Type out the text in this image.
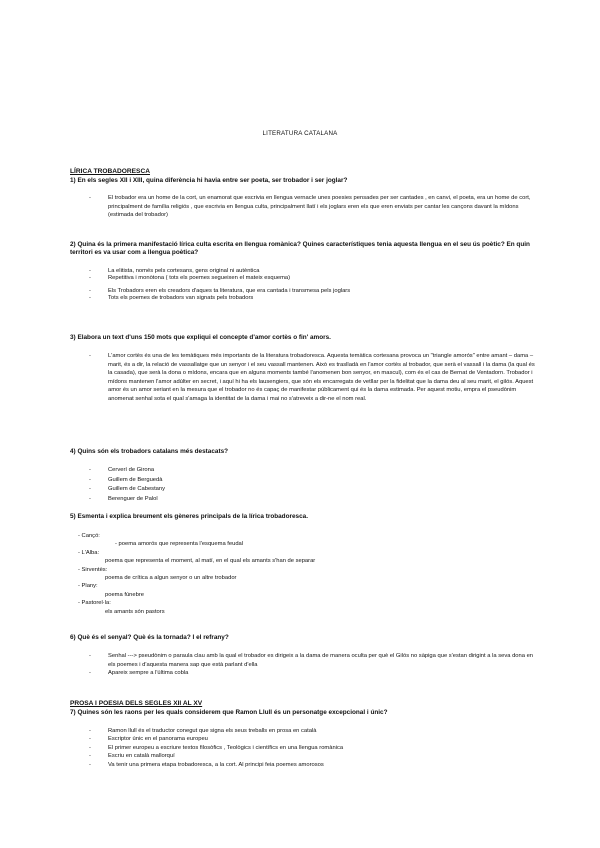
LITERATURA CATALANA
LÍRICA TROBADORESCA
1) En els segles XII i XIII, quina diferència hi havia entre ser poeta, ser trobador i ser joglar?
-	El trobador era un home de la cort, un enamorat que escrivia en llengua vernacle unes poesies pensades per ser cantades , en canvi, el poeta, era un home de cort, principalment de família religiós , que escrivia en llengua culta, principalment llatí i els joglars eren els que eren enviats per cantar les cançons davant la mídons (estimada del trobador)
2) Quina és la primera manifestació lírica culta escrita en llengua romànica? Quines característiques tenia aquesta llengua en el seu ús poètic? En quin territori es va usar com a llengua poètica?
-	La elitista, només pels cortesans, gens original ni autèntica
-	Repetitiva i monòtona ( tots els poemes segueixen el mateix esquema)
-	Els Trobadors eren els creadors d'aques ta literatura, que era cantada i transmesa pels joglars
-	Tots els poemes de trobadors van signats pels trobadors
3) Elabora un text d'uns 150 mots que expliqui el concepte d'amor cortès o fin' amors.
-	L'amor cortès és una de les temàtiques més importants de la literatura trobadoresca. Aquesta temàtica cortesana provoca un "triangle amorós" entre amant – dama – marit, és a dir, la relació de vassallatge que un senyor i el seu vassall mantenen. Això es traslladà en l'amor cortès al trobador, que serà el vassall i la dama (la qual és la casada), que serà la dona o mídons, encara que en alguns moments també l'anomenen bon senyor, en mascul), com és el cas de Bernat de Ventadorn. Trobador i mídons mantenen l'amor adúlter en secret, i aquí hi ha els lausengiers, que són els encarregats de vetllar per la fidelitat que la dama deu al seu marit, el gilós. Aquest amor és un amor seriant en la mesura que el trobador no és capaç de manifestar públicament qui és la dama estimada. Per aquest motiu, empra el pseudònim anomenat senhal sota el qual s'amaga la identitat de la dama i mai no s'atreveix a dir-ne el nom real.
4) Quins són els trobadors catalans més destacats?
-	Cerverí de Girona
-	Guillem de Berguedà
-	Guillem de Cabestany
-	Berenguer de Palol
5) Esmenta i explica breument els gèneres principals de la lírica trobadoresca.
- Cançó:
- poema amorós que representa l'esquema feudal
- L'Alba:
poema que representa el moment, al matí, en el qual els amants s'han de separar
- Sirventès:
poema de crítica a algun senyor o un altre trobador
- Plany:
poema fúnebre
- Pastorel·la:
els amants són pastors
6) Què és el senyal? Què és la tornada? I el refrany?
-	Senhal ---> pseudònim o paraula clau amb la qual el trobador es dirigeix a la dama de manera oculta per què el Gilós no sàpiga que s'estan dirigint a la seva dona en els poemes i d'aquesta manera sap que està parlant d'ella
-	Apareix sempre a l'última cobla
PROSA I POESIA DELS SEGLES XII AL XV
7) Quines són les raons per les quals considerem que Ramon Llull és un personatge excepcional i únic?
-	Ramon llull és el traductor conegut que signa els seus treballs en prosa en català
-	Escriptor únic en el panorama europeu
-	El primer europeu a escriure textos filosòfics , Teològics i científics en una llengua romànica
-	Escriu en català mallorquí
-	Va tenir una primera etapa trobadoresca, a la cort. Al principi feia poemes amorosos
